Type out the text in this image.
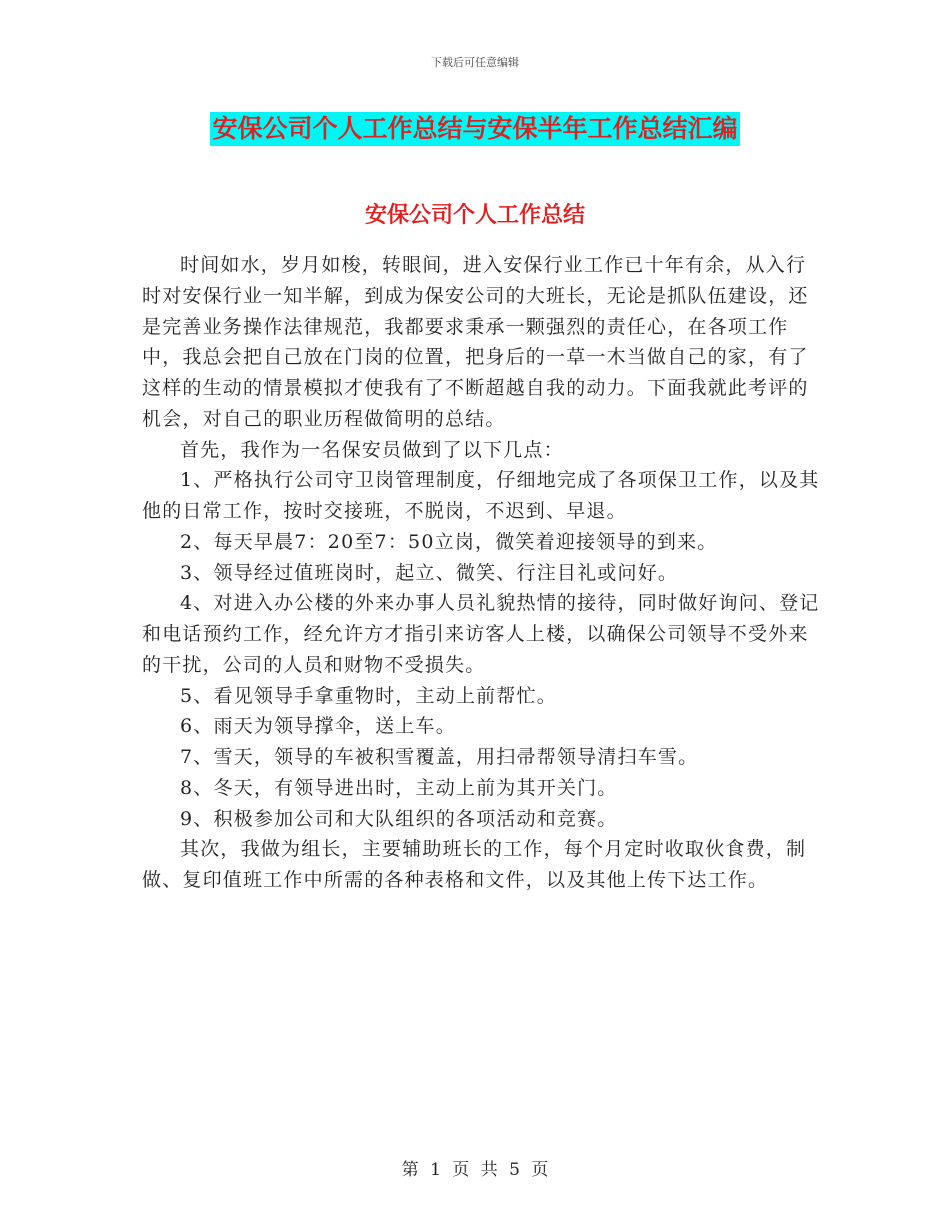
下载后可任意编辑
安保公司个人工作总结与安保半年工作总结汇编
安保公司个人工作总结

时间如水，岁月如梭，转眼间，进入安保行业工作已十年有余，从入行时对安保行业一知半解，到成为保安公司的大班长，无论是抓队伍建设，还是完善业务操作法律规范，我都要求秉承一颗强烈的责任心，在各项工作中，我总会把自己放在门岗的位置，把身后的一草一木当做自己的家，有了这样的生动的情景模拟才使我有了不断超越自我的动力。下面我就此考评的机会，对自己的职业历程做简明的总结。

首先，我作为一名保安员做到了以下几点：

1、严格执行公司守卫岗管理制度，仔细地完成了各项保卫工作，以及其他的日常工作，按时交接班，不脱岗，不迟到、早退。

2、每天早晨7：20至7：50立岗，微笑着迎接领导的到来。

3、领导经过值班岗时，起立、微笑、行注目礼或问好。

4、对进入办公楼的外来办事人员礼貌热情的接待，同时做好询问、登记和电话预约工作，经允许方才指引来访客人上楼，以确保公司领导不受外来的干扰，公司的人员和财物不受损失。

5、看见领导手拿重物时，主动上前帮忙。

6、雨天为领导撑伞，送上车。

7、雪天，领导的车被积雪覆盖，用扫帚帮领导清扫车雪。

8、冬天，有领导进出时，主动上前为其开关门。

9、积极参加公司和大队组织的各项活动和竞赛。

其次，我做为组长，主要辅助班长的工作，每个月定时收取伙食费，制做、复印值班工作中所需的各种表格和文件，以及其他上传下达工作。

第 1 页 共 5 页
